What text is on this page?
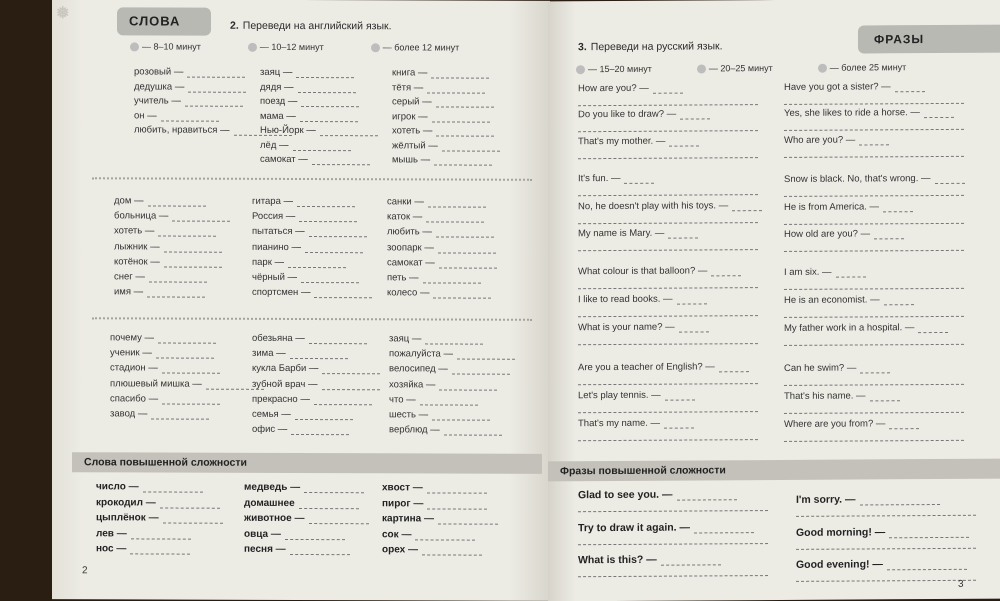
❅	СЛОВА	2. Переведи на английский язык.
— 8–10 минут	— 10–12 минут	— более 12 минут
розовый —
дедушка —
учитель —
он —
любить, нравиться —
заяц —
дядя —
поезд —
мама —
Нью-Йорк —
лёд —
самокат —
книга —
тётя —
серый —
игрок —
хотеть —
жёлтый —
мышь —
дом —
больница —
хотеть —
лыжник —
котёнок —
снег —
имя —
гитара —
Россия —
пытаться —
пианино —
парк —
чёрный —
спортсмен —
санки —
каток —
любить —
зоопарк —
самокат —
петь —
колесо —
почему —
ученик —
стадион —
плюшевый мишка —
спасибо —
завод —
обезьяна —
зима —
кукла Барби —
зубной врач —
прекрасно —
семья —
офис —
заяц —
пожалуйста —
велосипед —
хозяйка —
что —
шесть —
верблюд —
Слова повышенной сложности
число —
крокодил —
цыплёнок —
лев —
нос —
медведь —
домашнее
животное —
овца —
песня —
хвост —
пирог —
картина —
сок —
орех —
2
ФРАЗЫ
3. Переведи на русский язык.
— 15–20 минут	— 20–25 минут	— более 25 минут
How are you? —
Do you like to draw? —
That's my mother. —
It's fun. —
No, he doesn't play with his toys. —
My name is Mary. —
What colour is that balloon? —
I like to read books. —
What is your name? —
Are you a teacher of English? —
Let's play tennis. —
That's my name. —
Have you got a sister? —
Yes, she likes to ride a horse. —
Who are you? —
Snow is black. No, that's wrong. —
He is from America. —
How old are you? —
I am six. —
He is an economist. —
My father work in a hospital. —
Can he swim? —
That's his name. —
Where are you from? —
Фразы повышенной сложности
Glad to see you. —
Try to draw it again. —
What is this? —
I'm sorry. —
Good morning! —
Good evening! —
3
